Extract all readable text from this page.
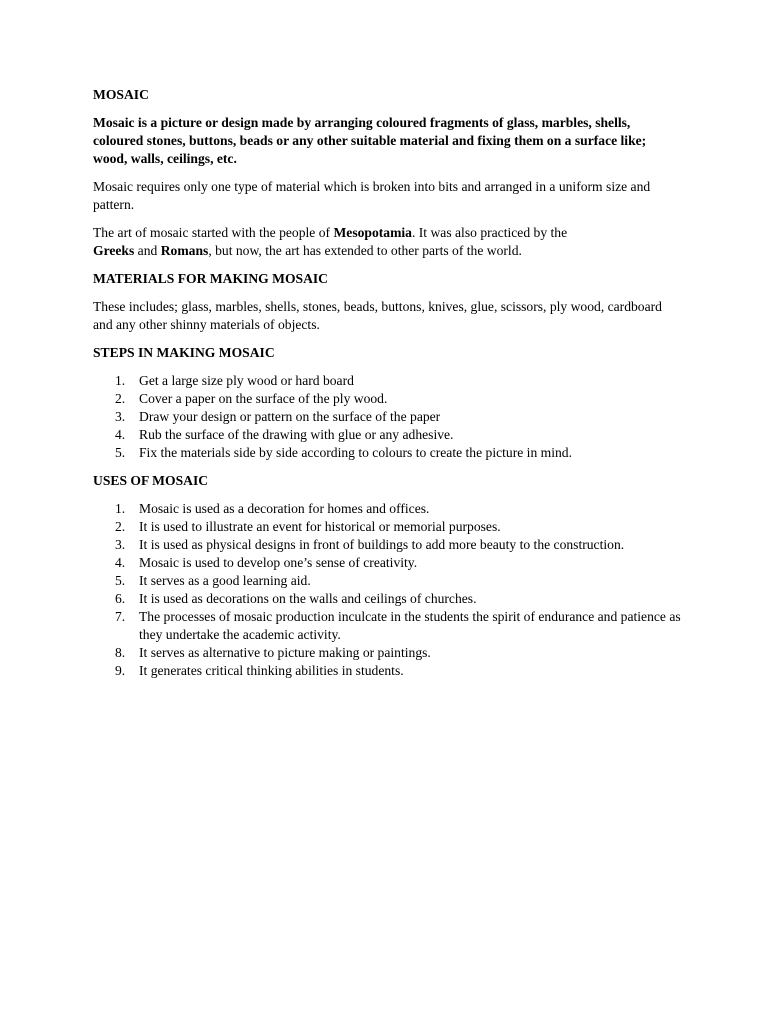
MOSAIC

Mosaic is a picture or design made by arranging coloured fragments of glass, marbles, shells, coloured stones, buttons, beads or any other suitable material and fixing them on a surface like; wood, walls, ceilings, etc.

Mosaic requires only one type of material which is broken into bits and arranged in a uniform size and pattern.

The art of mosaic started with the people of Mesopotamia. It was also practiced by the
Greeks and Romans, but now, the art has extended to other parts of the world.

MATERIALS FOR MAKING MOSAIC

These includes; glass, marbles, shells, stones, beads, buttons, knives, glue, scissors, ply wood, cardboard and any other shinny materials of objects.

STEPS IN MAKING MOSAIC
1.	Get a large size ply wood or hard board
2.	Cover a paper on the surface of the ply wood.
3.	Draw your design or pattern on the surface of the paper
4.	Rub the surface of the drawing with glue or any adhesive.
5.	Fix the materials side by side according to colours to create the picture in mind.
USES OF MOSAIC
1.	Mosaic is used as a decoration for homes and offices.
2.	It is used to illustrate an event for historical or memorial purposes.
3.	It is used as physical designs in front of buildings to add more beauty to the construction.
4.	Mosaic is used to develop one’s sense of creativity.
5.	It serves as a good learning aid.
6.	It is used as decorations on the walls and ceilings of churches.
7.	The processes of mosaic production inculcate in the students the spirit of endurance and patience as they undertake the academic activity.
8.	It serves as alternative to picture making or paintings.
9.	It generates critical thinking abilities in students.
